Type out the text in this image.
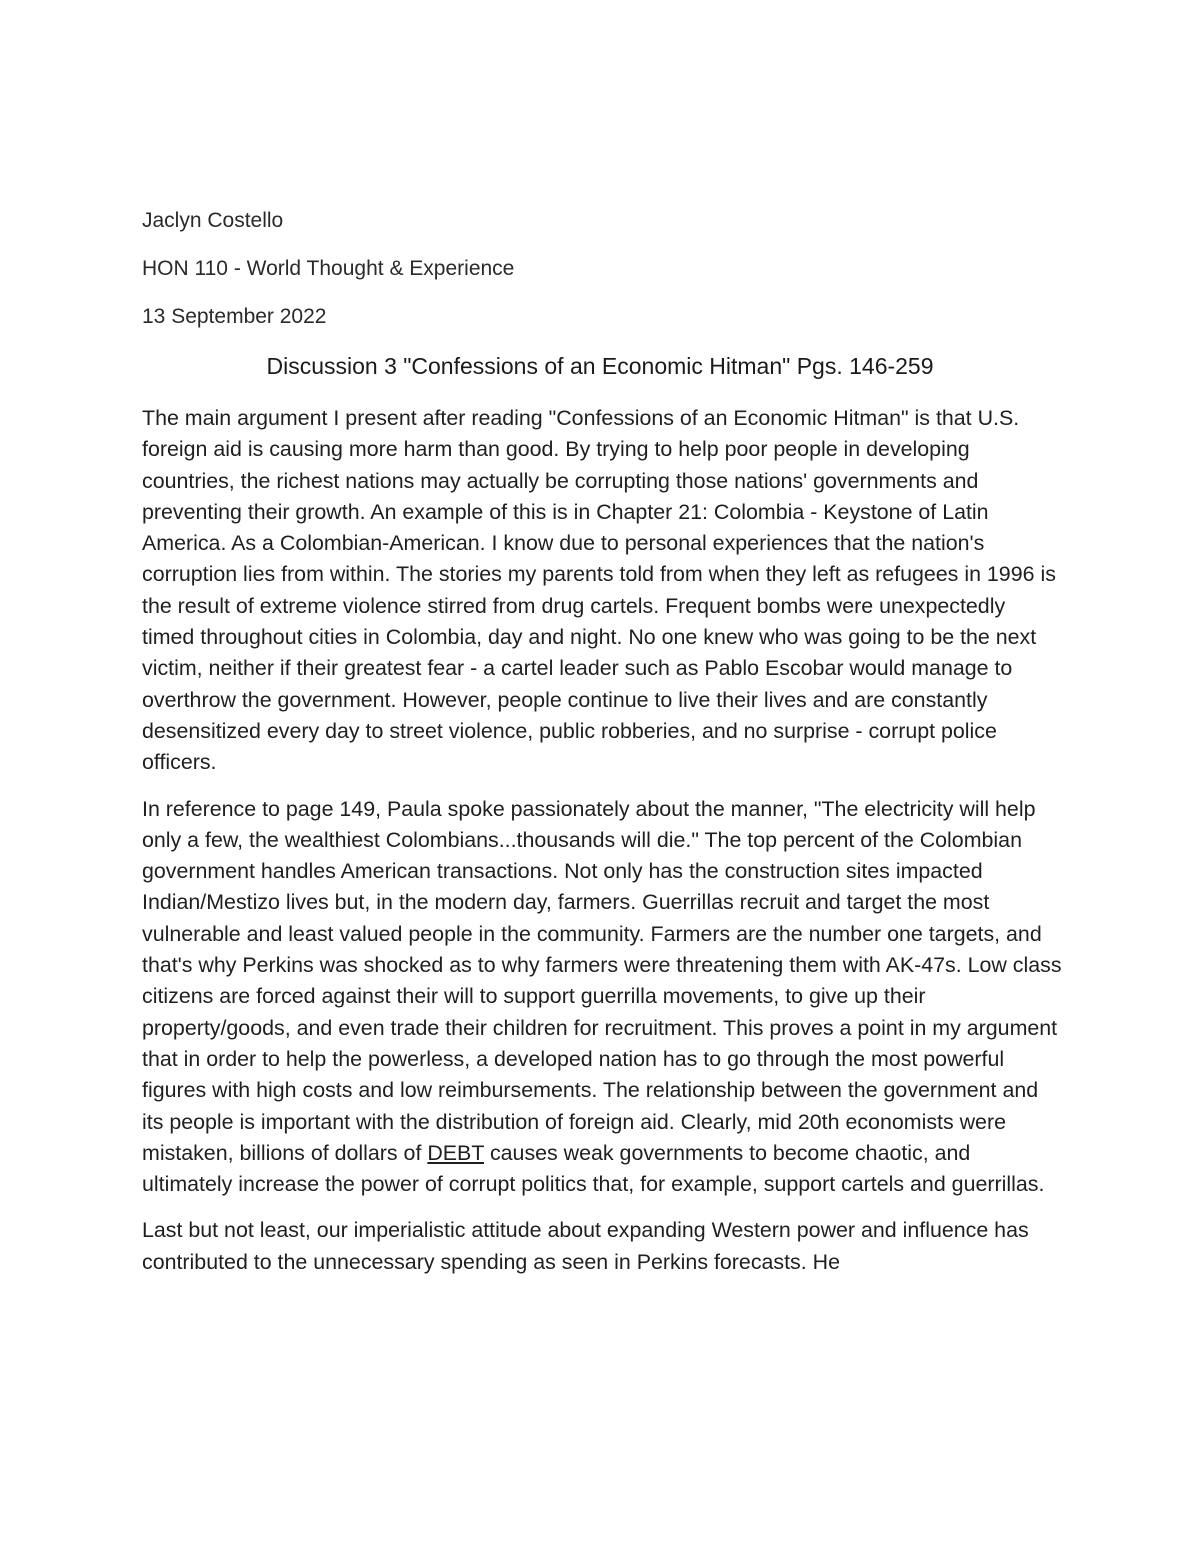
Jaclyn Costello
HON 110 - World Thought & Experience
13 September 2022
Discussion 3 "Confessions of an Economic Hitman" Pgs. 146-259

The main argument I present after reading "Confessions of an Economic Hitman" is that U.S. foreign aid is causing more harm than good. By trying to help poor people in developing countries, the richest nations may actually be corrupting those nations' governments and preventing their growth. An example of this is in Chapter 21: Colombia - Keystone of Latin America. As a Colombian-American. I know due to personal experiences that the nation's corruption lies from within. The stories my parents told from when they left as refugees in 1996 is the result of extreme violence stirred from drug cartels. Frequent bombs were unexpectedly timed throughout cities in Colombia, day and night. No one knew who was going to be the next victim, neither if their greatest fear - a cartel leader such as Pablo Escobar would manage to overthrow the government. However, people continue to live their lives and are constantly desensitized every day to street violence, public robberies, and no surprise - corrupt police officers.

In reference to page 149, Paula spoke passionately about the manner, "The electricity will help only a few, the wealthiest Colombians...thousands will die." The top percent of the Colombian government handles American transactions. Not only has the construction sites impacted Indian/Mestizo lives but, in the modern day, farmers. Guerrillas recruit and target the most vulnerable and least valued people in the community. Farmers are the number one targets, and that's why Perkins was shocked as to why farmers were threatening them with AK-47s. Low class citizens are forced against their will to support guerrilla movements, to give up their property/goods, and even trade their children for recruitment. This proves a point in my argument that in order to help the powerless, a developed nation has to go through the most powerful figures with high costs and low reimbursements. The relationship between the government and its people is important with the distribution of foreign aid. Clearly, mid 20th economists were mistaken, billions of dollars of DEBT causes weak governments to become chaotic, and ultimately increase the power of corrupt politics that, for example, support cartels and guerrillas.

Last but not least, our imperialistic attitude about expanding Western power and influence has contributed to the unnecessary spending as seen in Perkins forecasts. He
